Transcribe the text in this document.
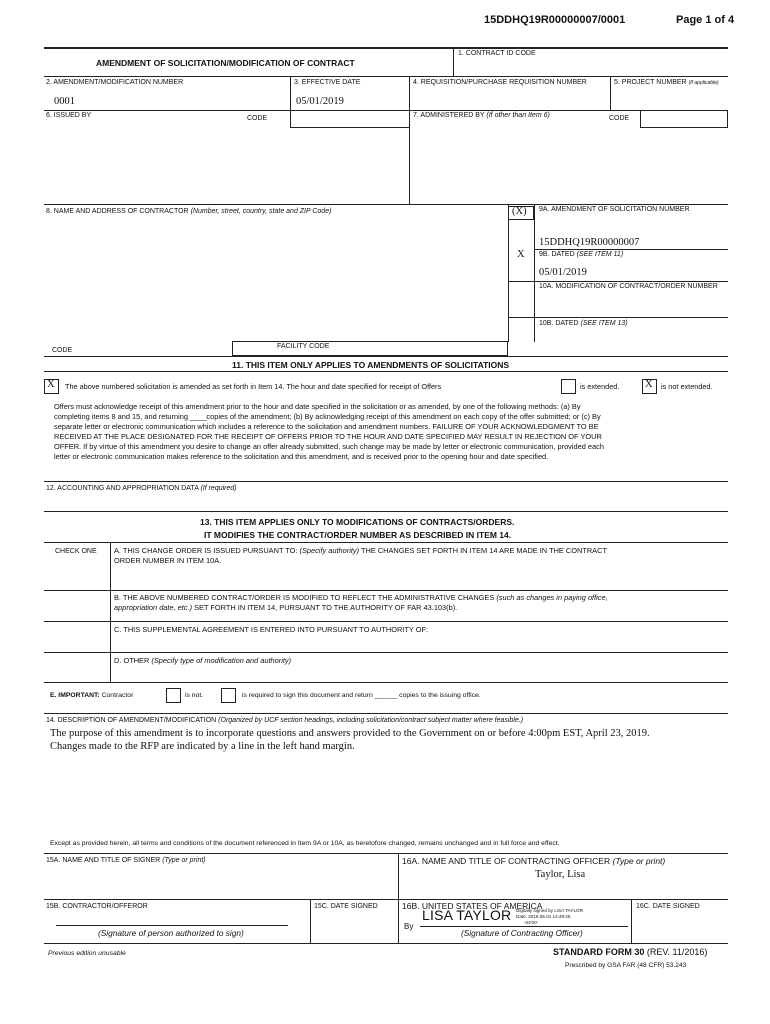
15DDHQ19R00000007/0001	Page 1 of 4
AMENDMENT OF SOLICITATION/MODIFICATION OF CONTRACT
1. CONTRACT ID CODE
2. AMENDMENT/MODIFICATION NUMBER
0001
3. EFFECTIVE DATE
05/01/2019
4. REQUISITION/PURCHASE REQUISITION NUMBER	5. PROJECT NUMBER (If applicable)
6. ISSUED BY	CODE	7. ADMINISTERED BY (If other than Item 6)	CODE
8. NAME AND ADDRESS OF CONTRACTOR (Number, street, country, state and ZIP Code)	(X) 9A. AMENDMENT OF SOLICITATION NUMBER
15DDHQ19R00000007
X 9B. DATED (SEE ITEM 11)
05/01/2019
10A. MODIFICATION OF CONTRACT/ORDER NUMBER
10B. DATED (SEE ITEM 13)
CODE
FACILITY CODE
11. THIS ITEM ONLY APPLIES TO AMENDMENTS OF SOLICITATIONS
X The above numbered solicitation is amended as set forth in Item 14. The hour and date specified for receipt of Offers	is extended. X is not extended.
Offers must acknowledge receipt of this amendment prior to the hour and date specified in the solicitation or as amended, by one of the following methods: (a) By
completing items 8 and 15, and returning ____copies of the amendment; (b) By acknowledging receipt of this amendment on each copy of the offer submitted; or (c) By
separate letter or electronic communication which includes a reference to the solicitation and amendment numbers. FAILURE OF YOUR ACKNOWLEDGMENT TO BE
RECEIVED AT THE PLACE DESIGNATED FOR THE RECEIPT OF OFFERS PRIOR TO THE HOUR AND DATE SPECIFIED MAY RESULT IN REJECTION OF YOUR
OFFER. If by virtue of this amendment you desire to change an offer already submitted, such change may be made by letter or electronic communication, provided each
letter or electronic communication makes reference to the solicitation and this amendment, and is received prior to the opening hour and date specified.
12. ACCOUNTING AND APPROPRIATION DATA (If required)
13. THIS ITEM APPLIES ONLY TO MODIFICATIONS OF CONTRACTS/ORDERS.
IT MODIFIES THE CONTRACT/ORDER NUMBER AS DESCRIBED IN ITEM 14.
CHECK ONE A. THIS CHANGE ORDER IS ISSUED PURSUANT TO: (Specify authority) THE CHANGES SET FORTH IN ITEM 14 ARE MADE IN THE CONTRACT
ORDER NUMBER IN ITEM 10A.
B. THE ABOVE NUMBERED CONTRACT/ORDER IS MODIFIED TO REFLECT THE ADMINISTRATIVE CHANGES (such as changes in paying office,
appropriation date, etc.) SET FORTH IN ITEM 14, PURSUANT TO THE AUTHORITY OF FAR 43.103(b).
C. THIS SUPPLEMENTAL AGREEMENT IS ENTERED INTO PURSUANT TO AUTHORITY OF:
D. OTHER (Specify type of modification and authority)
E. IMPORTANT: Contractor	is not.	is required to sign this document and return ______ copies to the issuing office.
14. DESCRIPTION OF AMENDMENT/MODIFICATION (Organized by UCF section headings, including solicitation/contract subject matter where feasible.)
The purpose of this amendment is to incorporate questions and answers provided to the Government on or before 4:00pm EST, April 23, 2019.
Changes made to the RFP are indicated by a line in the left hand margin.
Except as provided herein, all terms and conditions of the document referenced in Item 9A or 10A, as heretofore changed, remains unchanged and in full force and effect.
15A. NAME AND TITLE OF SIGNER (Type or print)	16A. NAME AND TITLE OF CONTRACTING OFFICER (Type or print)
Taylor, Lisa
15B. CONTRACTOR/OFFEROR	15C. DATE SIGNED	16B. UNITED STATES OF AMERICA	16C. DATE SIGNED
(Signature of person authorized to sign)
By
LISA TAYLOR Digitally signed by LISA TAYLOR
Date: 2019.05.01 14:49:45
-04'00'
(Signature of Contracting Officer)
Previous edition unusable	STANDARD FORM 30 (REV. 11/2016)
Prescribed by GSA FAR (48 CFR) 53.243
